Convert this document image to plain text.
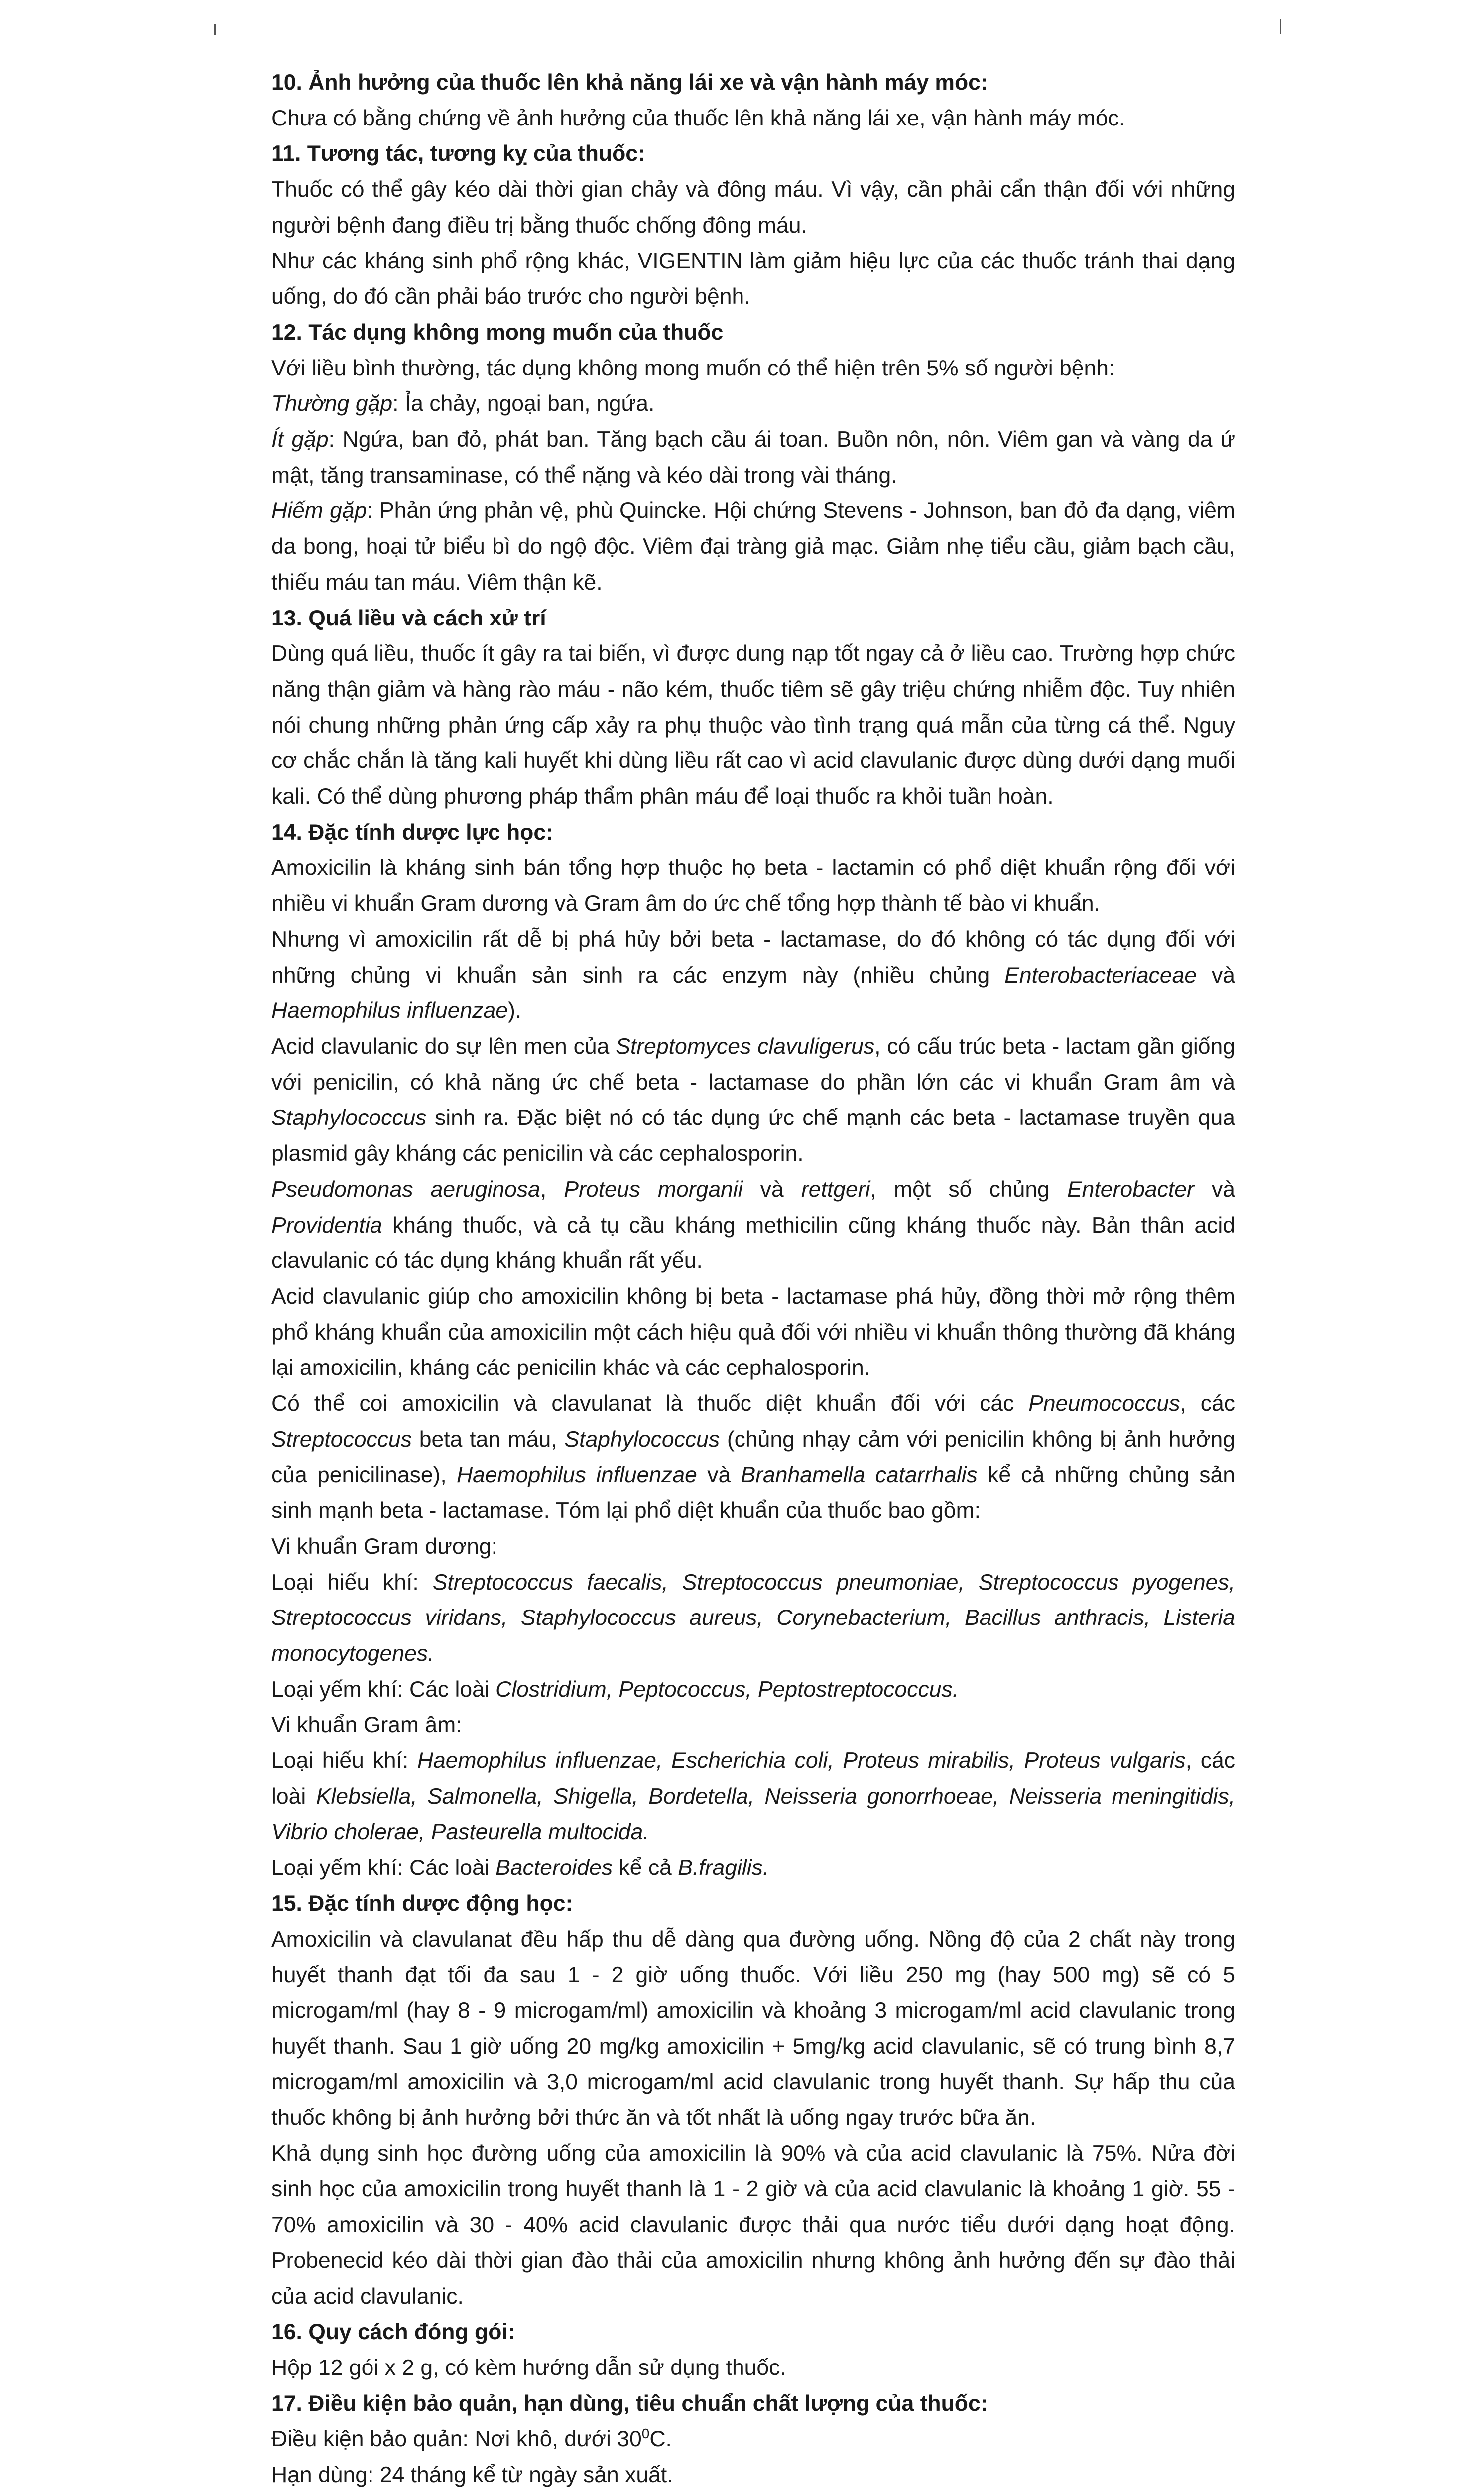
10. Ảnh hưởng của thuốc lên khả năng lái xe và vận hành máy móc:

Chưa có bằng chứng về ảnh hưởng của thuốc lên khả năng lái xe, vận hành máy móc.

11. Tương tác, tương kỵ của thuốc:

Thuốc có thể gây kéo dài thời gian chảy và đông máu. Vì vậy, cần phải cẩn thận đối với những người bệnh đang điều trị bằng thuốc chống đông máu.

Như các kháng sinh phổ rộng khác, VIGENTIN làm giảm hiệu lực của các thuốc tránh thai dạng uống, do đó cần phải báo trước cho người bệnh.

12. Tác dụng không mong muốn của thuốc

Với liều bình thường, tác dụng không mong muốn có thể hiện trên 5% số người bệnh:

Thường gặp: Ỉa chảy, ngoại ban, ngứa.

Ít gặp: Ngứa, ban đỏ, phát ban. Tăng bạch cầu ái toan. Buồn nôn, nôn. Viêm gan và vàng da ứ mật, tăng transaminase, có thể nặng và kéo dài trong vài tháng.

Hiếm gặp: Phản ứng phản vệ, phù Quincke. Hội chứng Stevens - Johnson, ban đỏ đa dạng, viêm da bong, hoại tử biểu bì do ngộ độc. Viêm đại tràng giả mạc. Giảm nhẹ tiểu cầu, giảm bạch cầu, thiếu máu tan máu. Viêm thận kẽ.

13. Quá liều và cách xử trí

Dùng quá liều, thuốc ít gây ra tai biến, vì được dung nạp tốt ngay cả ở liều cao. Trường hợp chức năng thận giảm và hàng rào máu - não kém, thuốc tiêm sẽ gây triệu chứng nhiễm độc. Tuy nhiên nói chung những phản ứng cấp xảy ra phụ thuộc vào tình trạng quá mẫn của từng cá thể. Nguy cơ chắc chắn là tăng kali huyết khi dùng liều rất cao vì acid clavulanic được dùng dưới dạng muối kali. Có thể dùng phương pháp thẩm phân máu để loại thuốc ra khỏi tuần hoàn.

14. Đặc tính dược lực học:

Amoxicilin là kháng sinh bán tổng hợp thuộc họ beta - lactamin có phổ diệt khuẩn rộng đối với nhiều vi khuẩn Gram dương và Gram âm do ức chế tổng hợp thành tế bào vi khuẩn.

Nhưng vì amoxicilin rất dễ bị phá hủy bởi beta - lactamase, do đó không có tác dụng đối với những chủng vi khuẩn sản sinh ra các enzym này (nhiều chủng Enterobacteriaceae và Haemophilus influenzae).

Acid clavulanic do sự lên men của Streptomyces clavuligerus, có cấu trúc beta - lactam gần giống với penicilin, có khả năng ức chế beta - lactamase do phần lớn các vi khuẩn Gram âm và Staphylococcus sinh ra. Đặc biệt nó có tác dụng ức chế mạnh các beta - lactamase truyền qua plasmid gây kháng các penicilin và các cephalosporin.

Pseudomonas aeruginosa, Proteus morganii và rettgeri, một số chủng Enterobacter và Providentia kháng thuốc, và cả tụ cầu kháng methicilin cũng kháng thuốc này. Bản thân acid clavulanic có tác dụng kháng khuẩn rất yếu.

Acid clavulanic giúp cho amoxicilin không bị beta - lactamase phá hủy, đồng thời mở rộng thêm phổ kháng khuẩn của amoxicilin một cách hiệu quả đối với nhiều vi khuẩn thông thường đã kháng lại amoxicilin, kháng các penicilin khác và các cephalosporin.

Có thể coi amoxicilin và clavulanat là thuốc diệt khuẩn đối với các Pneumococcus, các Streptococcus beta tan máu, Staphylococcus (chủng nhạy cảm với penicilin không bị ảnh hưởng của penicilinase), Haemophilus influenzae và Branhamella catarrhalis kể cả những chủng sản sinh mạnh beta - lactamase. Tóm lại phổ diệt khuẩn của thuốc bao gồm:

Vi khuẩn Gram dương:

Loại hiếu khí: Streptococcus faecalis, Streptococcus pneumoniae, Streptococcus pyogenes, Streptococcus viridans, Staphylococcus aureus, Corynebacterium, Bacillus anthracis, Listeria monocytogenes.

Loại yếm khí: Các loài Clostridium, Peptococcus, Peptostreptococcus.

Vi khuẩn Gram âm:

Loại hiếu khí: Haemophilus influenzae, Escherichia coli, Proteus mirabilis, Proteus vulgaris, các loài Klebsiella, Salmonella, Shigella, Bordetella, Neisseria gonorrhoeae, Neisseria meningitidis, Vibrio cholerae, Pasteurella multocida.

Loại yếm khí: Các loài Bacteroides kể cả B.fragilis.

15. Đặc tính dược động học:

Amoxicilin và clavulanat đều hấp thu dễ dàng qua đường uống. Nồng độ của 2 chất này trong huyết thanh đạt tối đa sau 1 - 2 giờ uống thuốc. Với liều 250 mg (hay 500 mg) sẽ có 5 microgam/ml (hay 8 - 9 microgam/ml) amoxicilin và khoảng 3 microgam/ml acid clavulanic trong huyết thanh. Sau 1 giờ uống 20 mg/kg amoxicilin + 5mg/kg acid clavulanic, sẽ có trung bình 8,7 microgam/ml amoxicilin và 3,0 microgam/ml acid clavulanic trong huyết thanh. Sự hấp thu của thuốc không bị ảnh hưởng bởi thức ăn và tốt nhất là uống ngay trước bữa ăn.

Khả dụng sinh học đường uống của amoxicilin là 90% và của acid clavulanic là 75%. Nửa đời sinh học của amoxicilin trong huyết thanh là 1 - 2 giờ và của acid clavulanic là khoảng 1 giờ. 55 - 70% amoxicilin và 30 - 40% acid clavulanic được thải qua nước tiểu dưới dạng hoạt động. Probenecid kéo dài thời gian đào thải của amoxicilin nhưng không ảnh hưởng đến sự đào thải của acid clavulanic.

16. Quy cách đóng gói:

Hộp 12 gói x 2 g, có kèm hướng dẫn sử dụng thuốc.

17. Điều kiện bảo quản, hạn dùng, tiêu chuẩn chất lượng của thuốc:

Điều kiện bảo quản: Nơi khô, dưới $30^0C$.

Hạn dùng: 24 tháng kể từ ngày sản xuất.
